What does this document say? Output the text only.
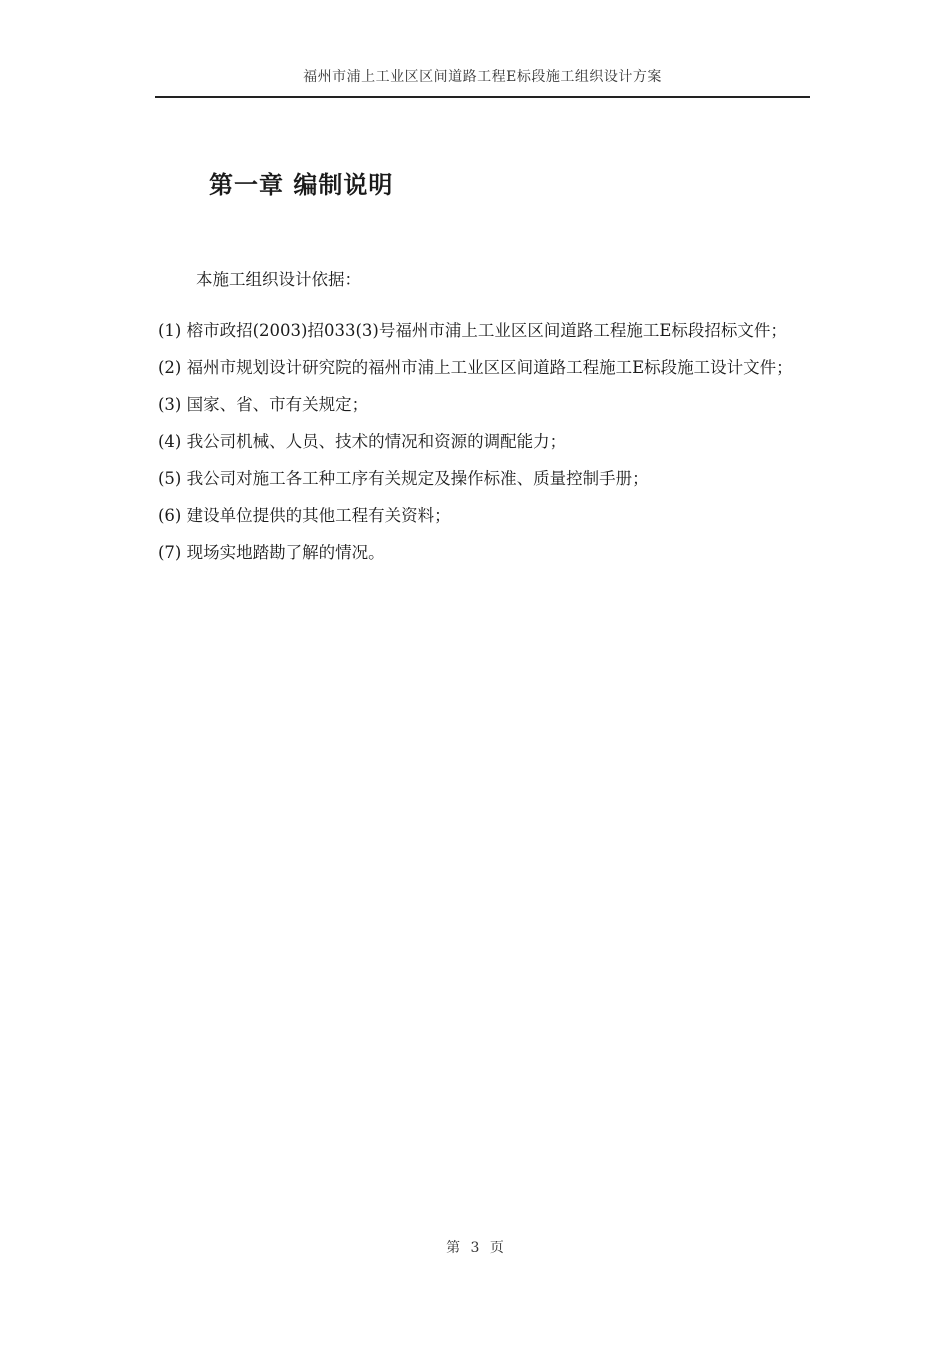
福州市浦上工业区区间道路工程E标段施工组织设计方案
第一章 编制说明
本施工组织设计依据：
(1) 榕市政招(2003)招033(3)号福州市浦上工业区区间道路工程施工E标段招标文件；
(2) 福州市规划设计研究院的福州市浦上工业区区间道路工程施工E标段施工设计文件；
(3) 国家、省、市有关规定；
(4) 我公司机械、人员、技术的情况和资源的调配能力；
(5) 我公司对施工各工种工序有关规定及操作标准、质量控制手册；
(6) 建设单位提供的其他工程有关资料；
(7) 现场实地踏勘了解的情况。
第 3 页
